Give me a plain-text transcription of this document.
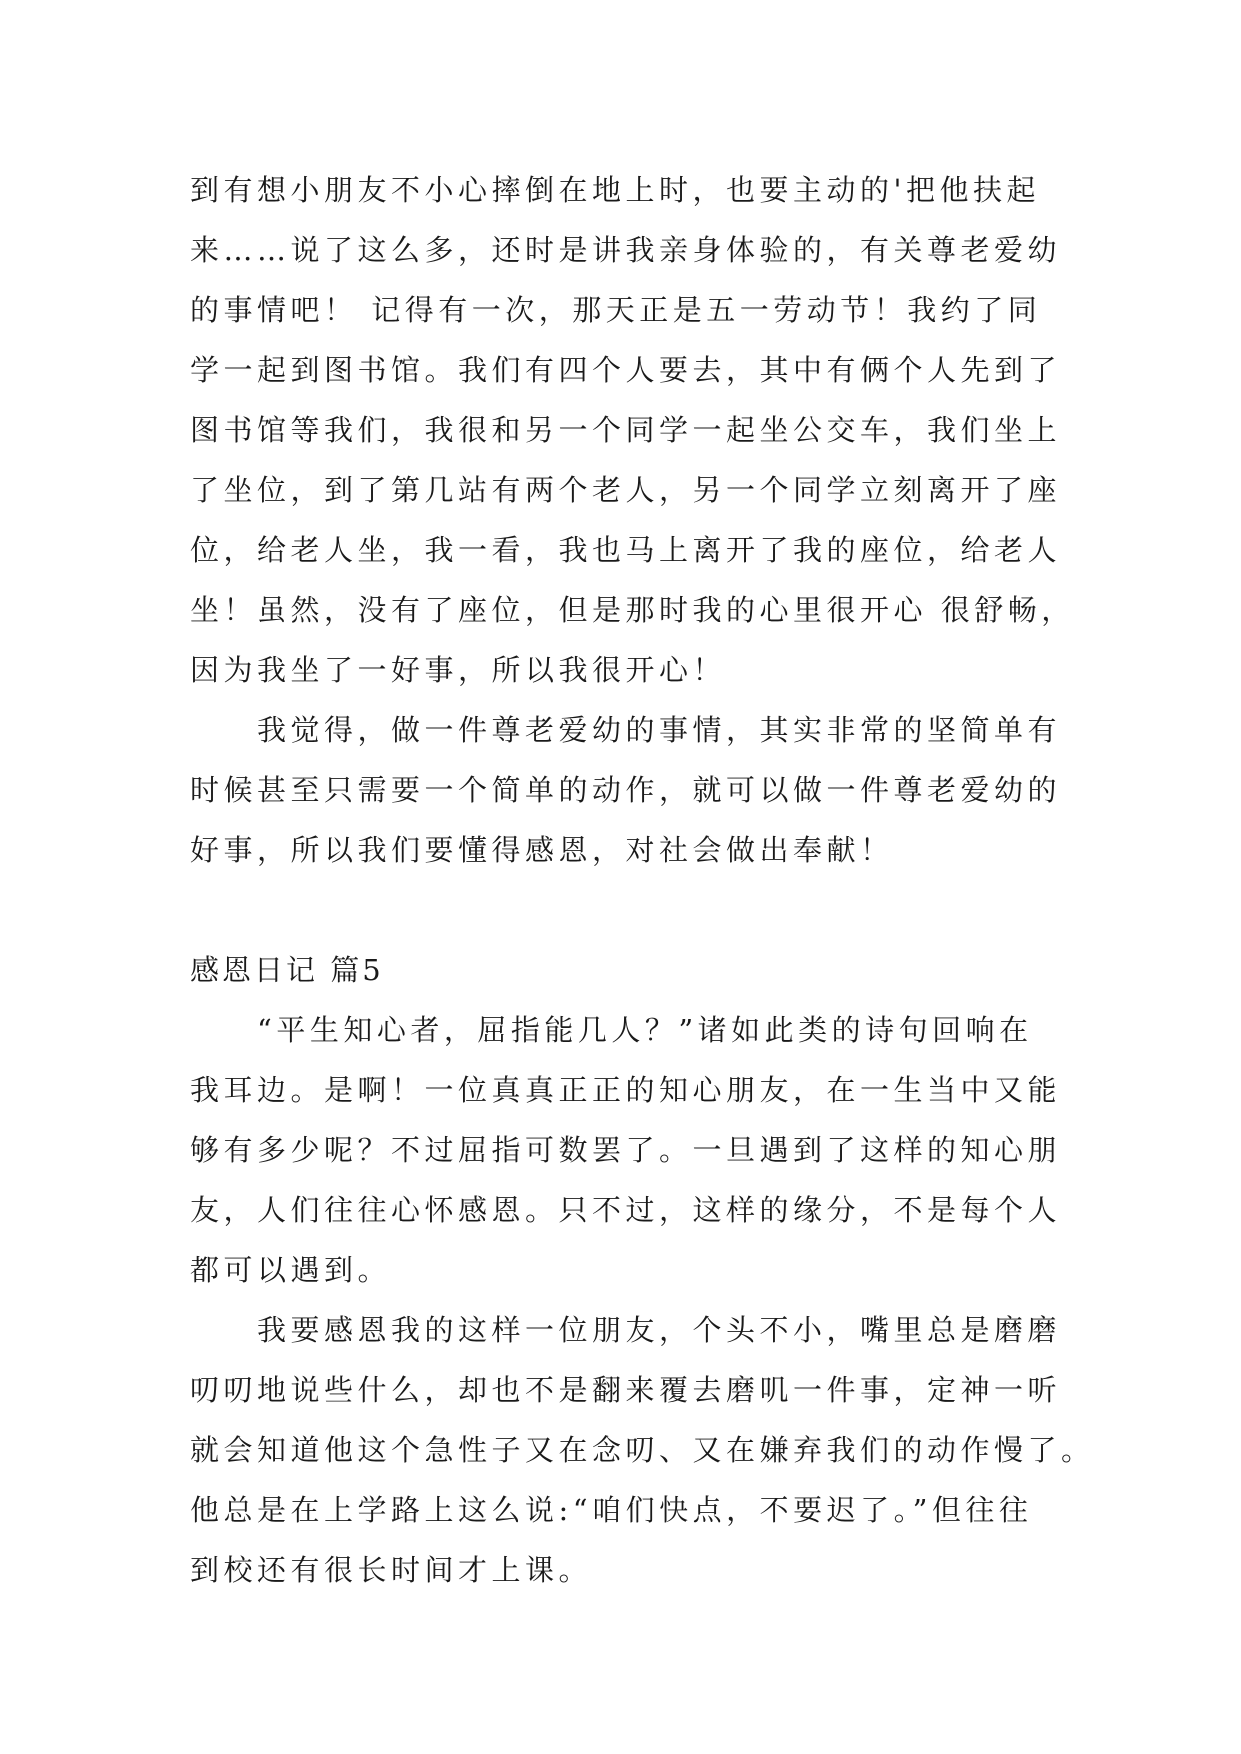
到有想小朋友不小心摔倒在地上时，也要主动的'把他扶起
来……说了这么多，还时是讲我亲身体验的，有关尊老爱幼
的事情吧！ 记得有一次，那天正是五一劳动节！我约了同
学一起到图书馆。我们有四个人要去，其中有俩个人先到了
图书馆等我们，我很和另一个同学一起坐公交车，我们坐上
了坐位，到了第几站有两个老人，另一个同学立刻离开了座
位，给老人坐，我一看，我也马上离开了我的座位，给老人
坐！虽然，没有了座位，但是那时我的心里很开心 很舒畅，
因为我坐了一好事，所以我很开心！
　　我觉得，做一件尊老爱幼的事情，其实非常的坚简单有
时候甚至只需要一个简单的动作，就可以做一件尊老爱幼的
好事，所以我们要懂得感恩，对社会做出奉献！
感恩日记 篇5
　　“平生知心者，屈指能几人？”诸如此类的诗句回响在
我耳边。是啊！一位真真正正的知心朋友，在一生当中又能
够有多少呢？不过屈指可数罢了。一旦遇到了这样的知心朋
友，人们往往心怀感恩。只不过，这样的缘分，不是每个人
都可以遇到。
　　我要感恩我的这样一位朋友，个头不小，嘴里总是磨磨
叨叨地说些什么，却也不是翻来覆去磨叽一件事，定神一听
就会知道他这个急性子又在念叨、又在嫌弃我们的动作慢了。
他总是在上学路上这么说:“咱们快点，不要迟了。”但往往
到校还有很长时间才上课。
